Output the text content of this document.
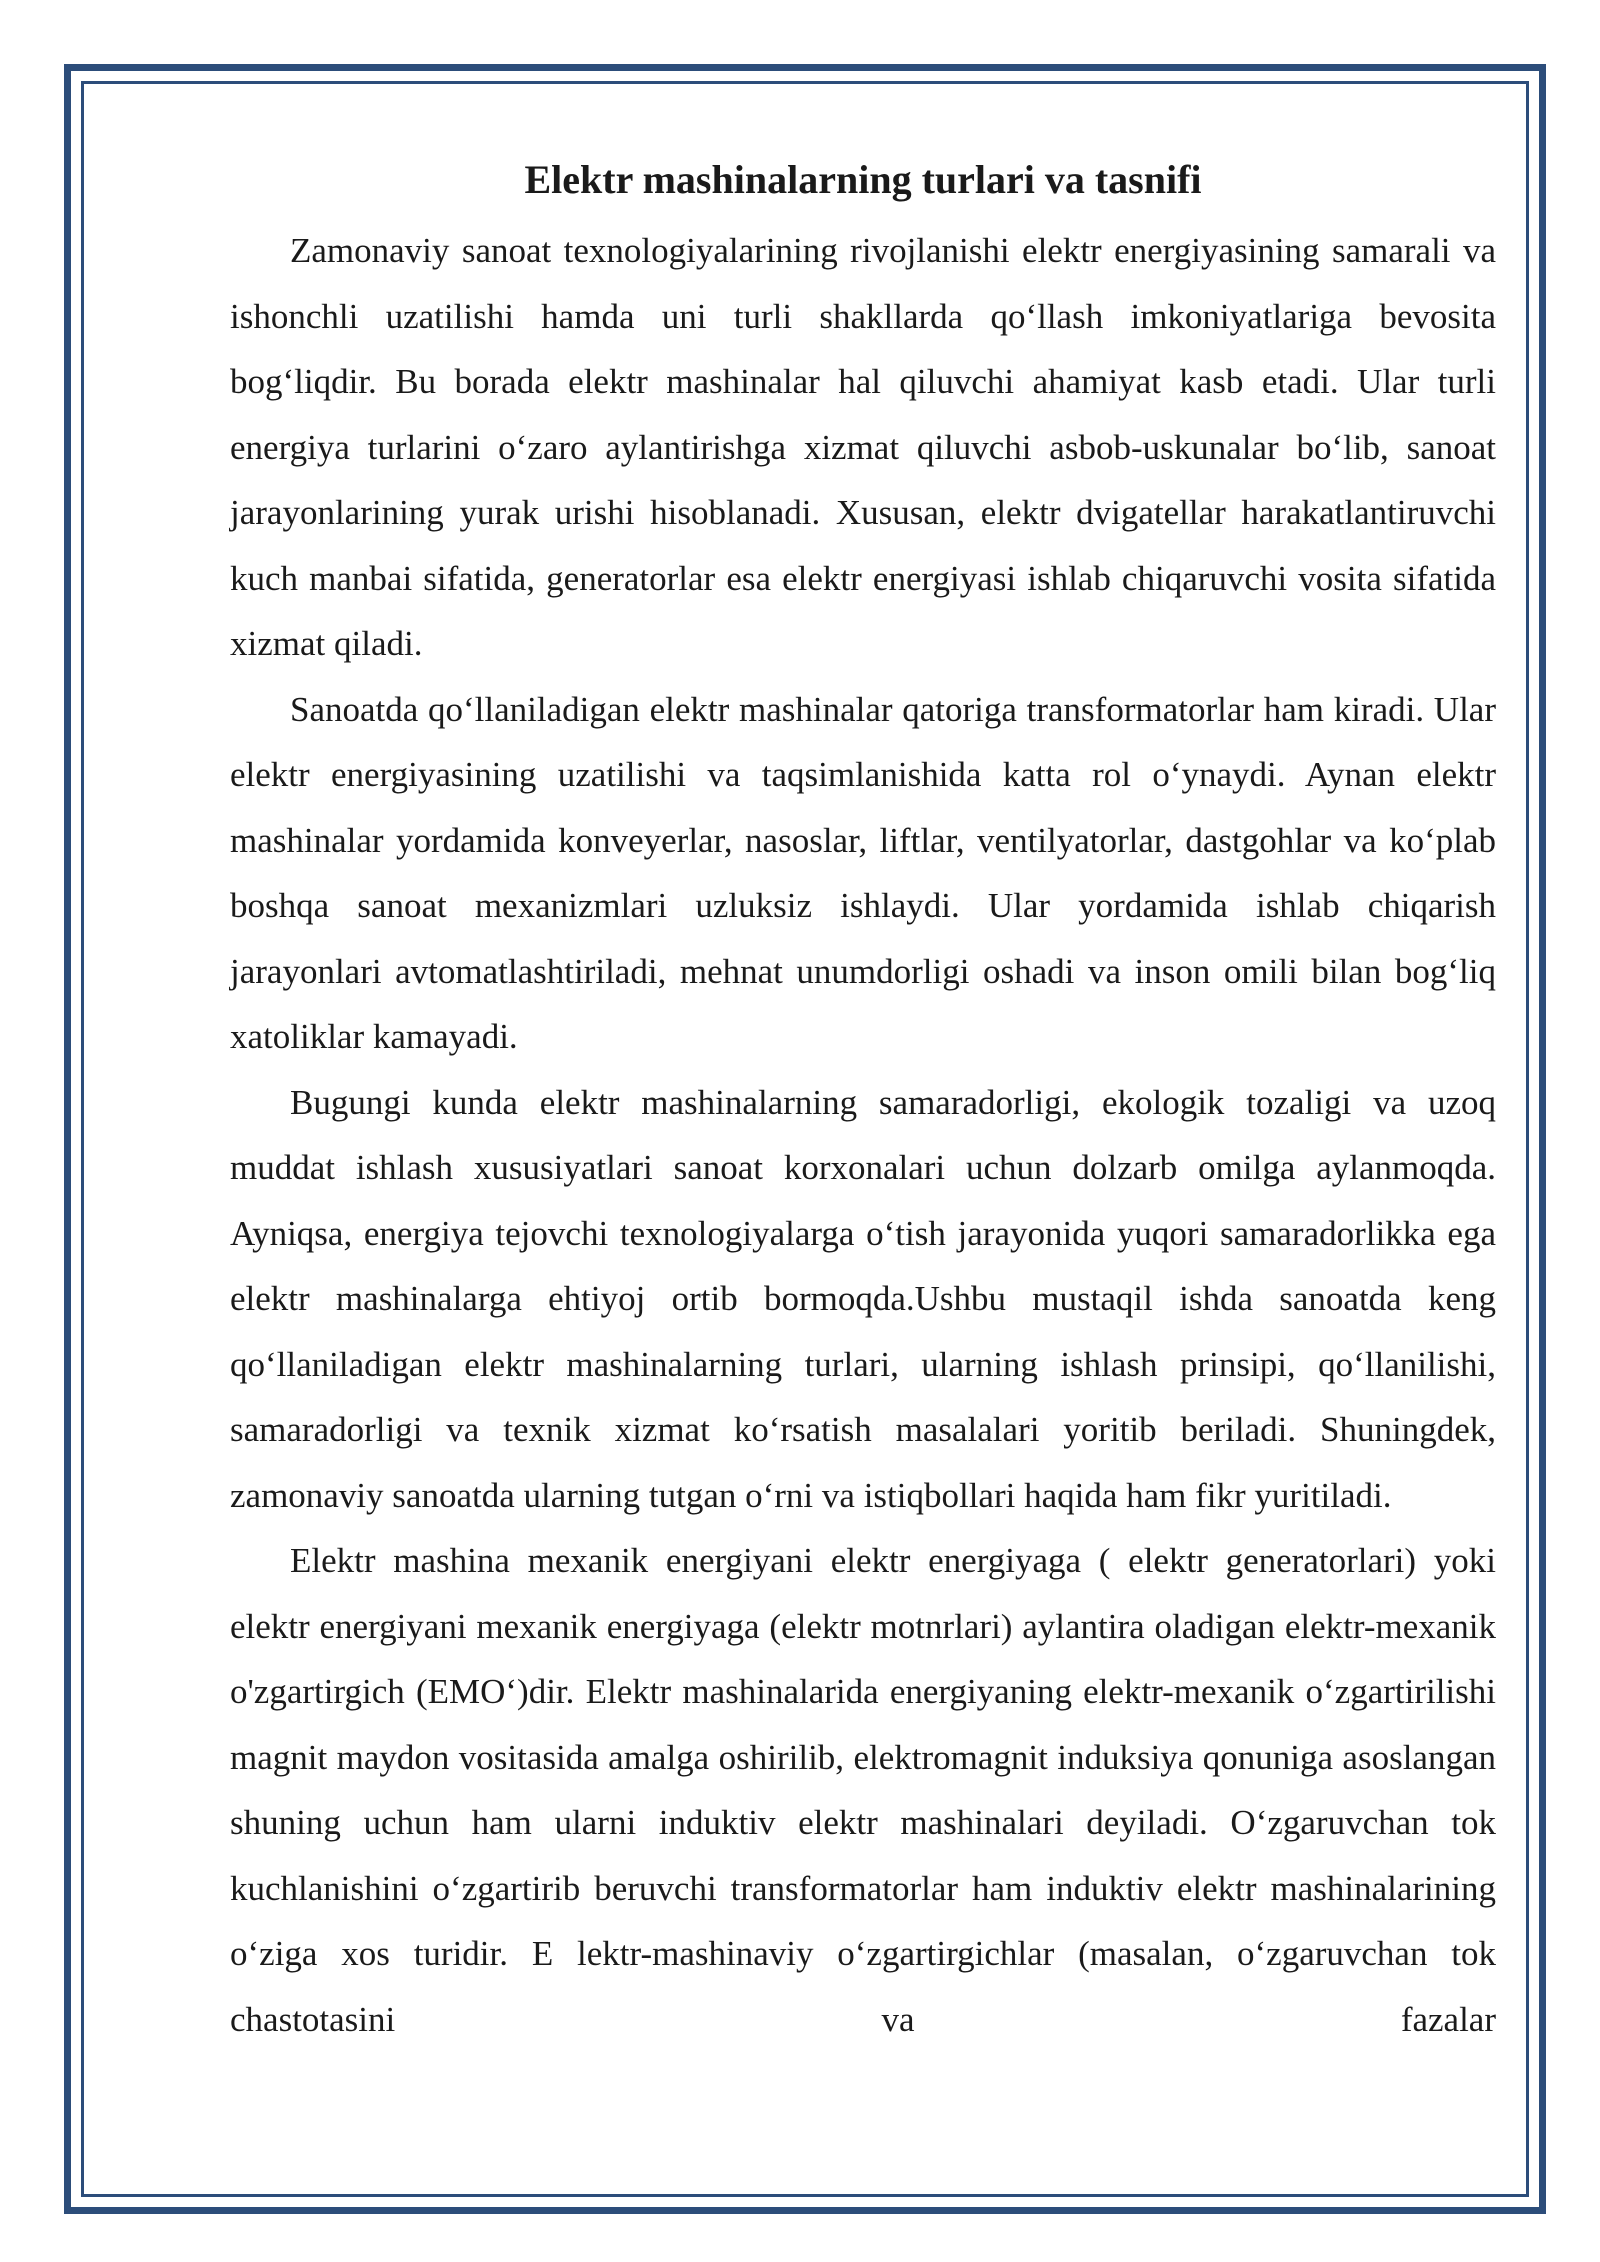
Elektr mashinalarning turlari va tasnifi

Zamonaviy sanoat texnologiyalarining rivojlanishi elektr energiyasining samarali va ishonchli uzatilishi hamda uni turli shakllarda qo‘llash imkoniyatlariga bevosita bog‘liqdir. Bu borada elektr mashinalar hal qiluvchi ahamiyat kasb etadi. Ular turli energiya turlarini o‘zaro aylantirishga xizmat qiluvchi asbob-uskunalar bo‘lib, sanoat jarayonlarining yurak urishi hisoblanadi. Xususan, elektr dvigatellar harakatlantiruvchi kuch manbai sifatida, generatorlar esa elektr energiyasi ishlab chiqaruvchi vosita sifatida xizmat qiladi.

Sanoatda qo‘llaniladigan elektr mashinalar qatoriga transformatorlar ham kiradi. Ular elektr energiyasining uzatilishi va taqsimlanishida katta rol o‘ynaydi. Aynan elektr mashinalar yordamida konveyerlar, nasoslar, liftlar, ventilyatorlar, dastgohlar va ko‘plab boshqa sanoat mexanizmlari uzluksiz ishlaydi. Ular yordamida ishlab chiqarish jarayonlari avtomatlashtiriladi, mehnat unumdorligi oshadi va inson omili bilan bog‘liq xatoliklar kamayadi.

Bugungi kunda elektr mashinalarning samaradorligi, ekologik tozaligi va uzoq muddat ishlash xususiyatlari sanoat korxonalari uchun dolzarb omilga aylanmoqda. Ayniqsa, energiya tejovchi texnologiyalarga o‘tish jarayonida yuqori samaradorlikka ega elektr mashinalarga ehtiyoj ortib bormoqda.Ushbu mustaqil ishda sanoatda keng qo‘llaniladigan elektr mashinalarning turlari, ularning ishlash prinsipi, qo‘llanilishi, samaradorligi va texnik xizmat ko‘rsatish masalalari yoritib beriladi. Shuningdek, zamonaviy sanoatda ularning tutgan o‘rni va istiqbollari haqida ham fikr yuritiladi.

Elektr mashina mexanik energiyani elektr energiyaga ( elektr generatorlari) yoki elektr energiyani mexanik energiyaga (elektr motnrlari) aylantira oladigan elektr-mexanik o'zgartirgich (EMO‘)dir. Elektr mashinalarida energiyaning elektr-mexanik o‘zgartirilishi magnit maydon vositasida amalga oshirilib, elektromagnit induksiya qonuniga asoslangan shuning uchun ham ularni induktiv elektr mashinalari deyiladi. O‘zgaruvchan tok kuchlanishini o‘zgartirib beruvchi transformatorlar ham induktiv elektr mashinalarining o‘ziga xos turidir. E lektr-mashinaviy o‘zgartirgichlar (masalan, o‘zgaruvchan tok chastotasini va fazalar
